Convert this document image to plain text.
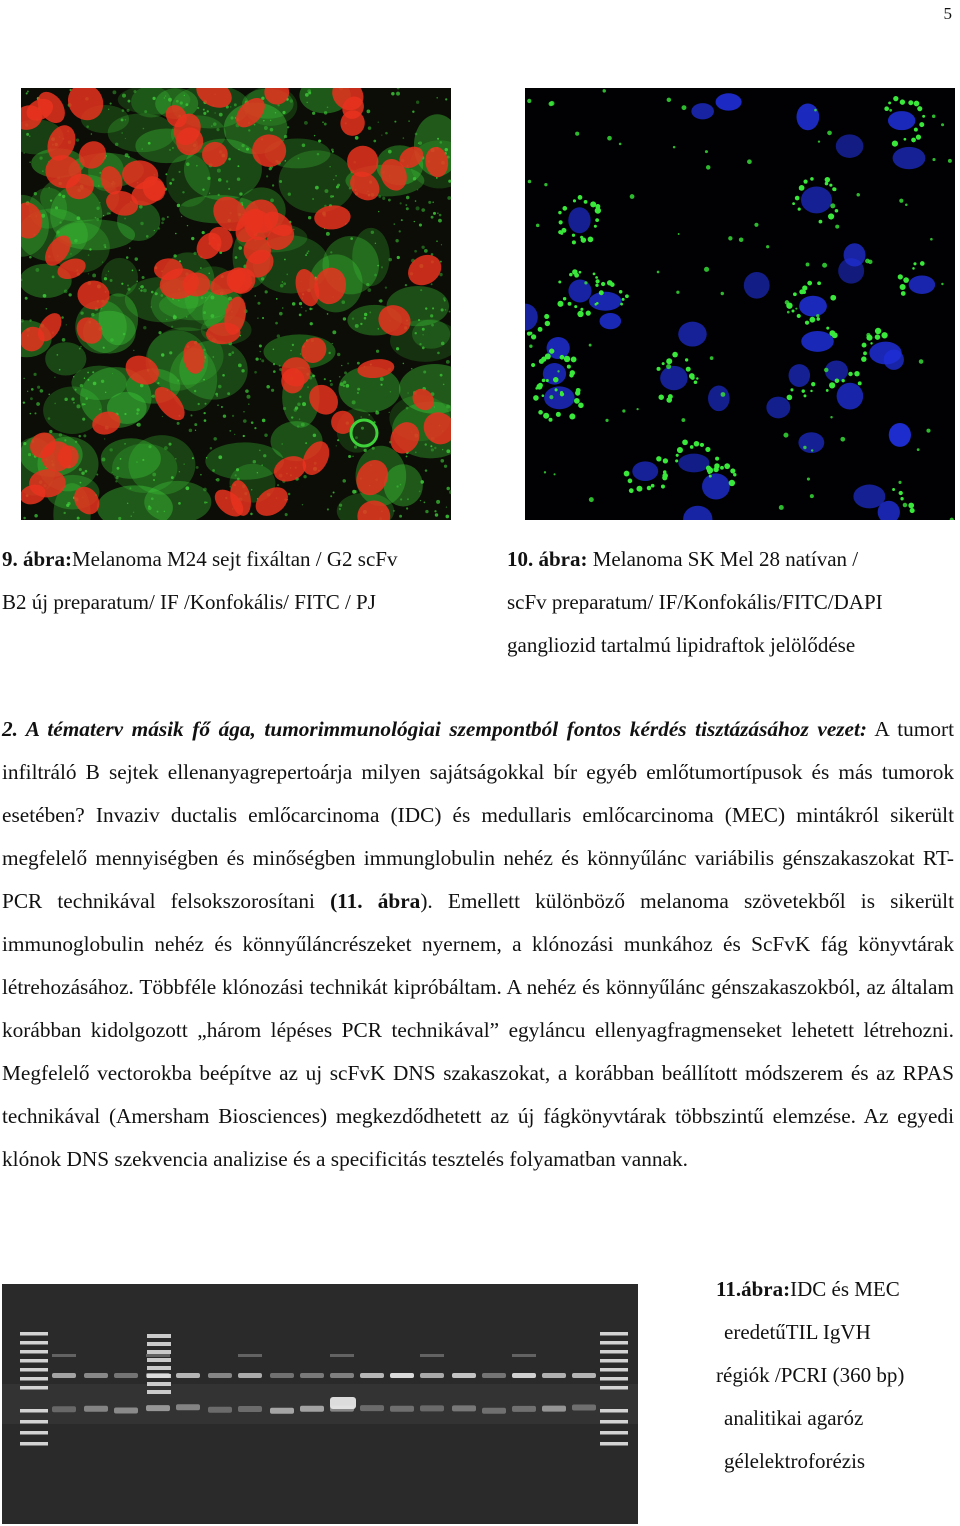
5
9. ábra:Melanoma M24 sejt fixáltan / G2 scFv
B2 új preparatum/ IF /Konfokális/ FITC / PJ
10. ábra: Melanoma SK Mel 28 natívan /
scFv preparatum/ IF/Konfokális/FITC/DAPI
gangliozid tartalmú lipidraftok jelölődése
2. A tématerv másik fő ága, tumorimmunológiai szempontból fontos kérdés tisztázásához vezet: A tumort infiltráló B sejtek ellenanyagrepertoárja milyen sajátságokkal bír egyéb emlőtumortípusok és más tumorok esetében? Invaziv ductalis emlőcarcinoma (IDC) és medullaris emlőcarcinoma (MEC) mintákról sikerült megfelelő mennyiségben és minőségben immunglobulin nehéz és könnyűlánc variábilis génszakaszokat RT-PCR technikával felsokszorosítani (11. ábra). Emellett különböző melanoma szövetekből is sikerült immunoglobulin nehéz és könnyűláncrészeket nyernem, a klónozási munkához és ScFvK fág könyvtárak létrehozásához. Többféle klónozási technikát kipróbáltam. A nehéz és könnyűlánc génszakaszokból, az általam korábban kidolgozott „három lépéses PCR technikával” egyláncu ellenyagfragmenseket lehetett létrehozni. Megfelelő vectorokba beépítve az uj scFvK DNS szakaszokat, a korábban beállított módszerem és az RPAS technikával (Amersham Biosciences) megkezdődhetett az új fágkönyvtárak többszintű elemzése. Az egyedi klónok DNS szekvencia analizise és a specificitás tesztelés folyamatban vannak.
11.ábra:IDC és MEC
eredetűTIL IgVH
régiók /PCRI (360 bp)
analitikai agaróz
gélelektroforézis
